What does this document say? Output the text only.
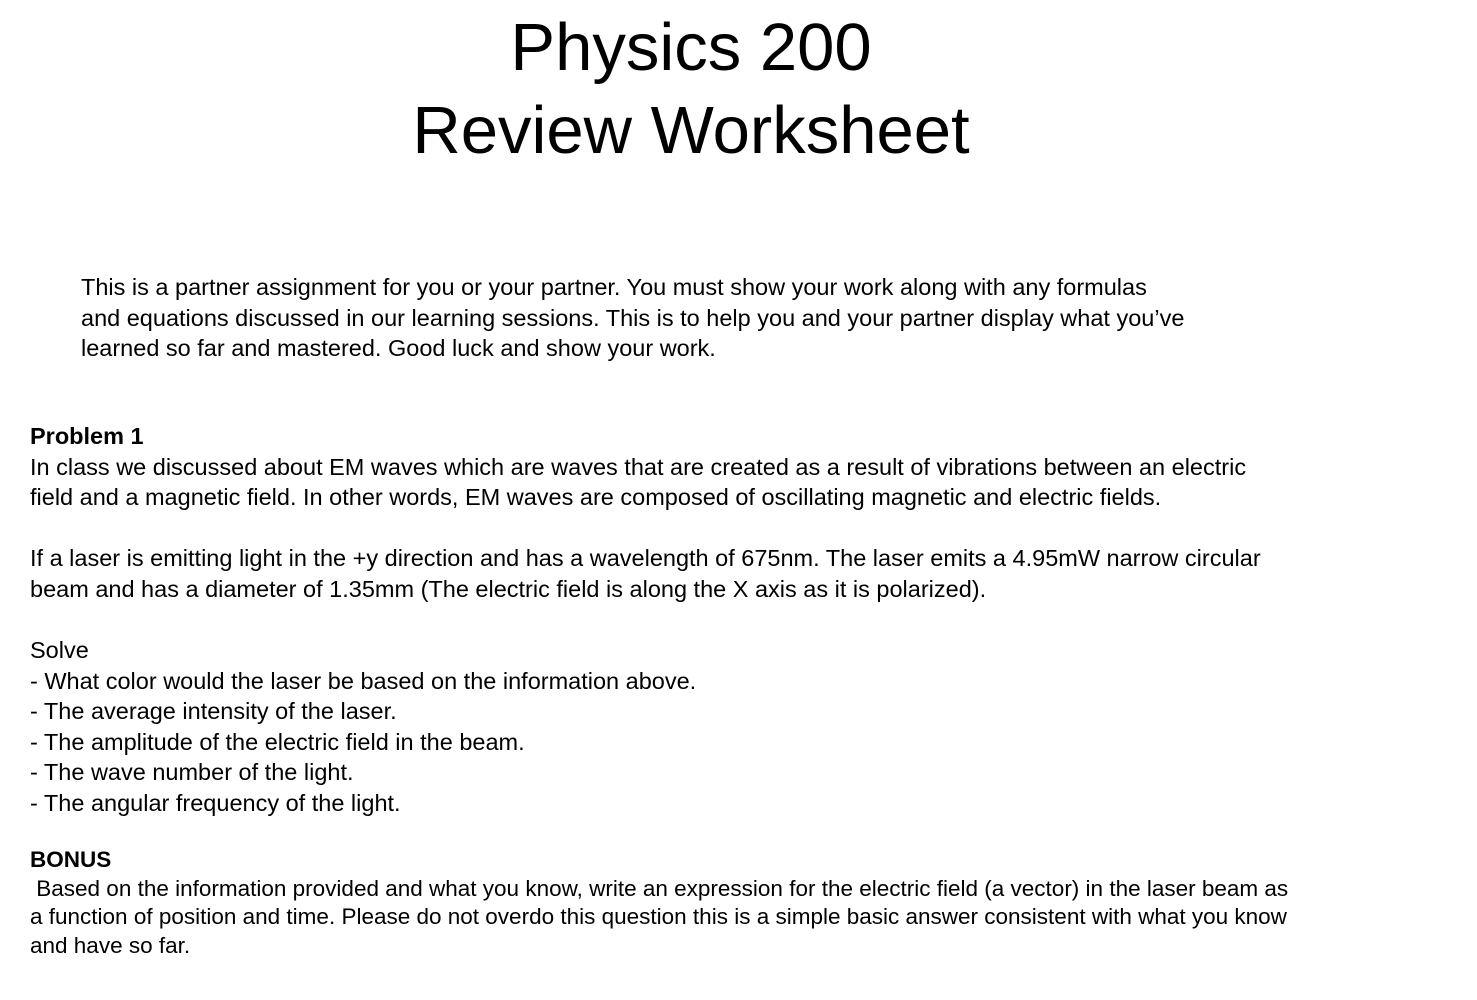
Physics 200
Review Worksheet
This is a partner assignment for you or your partner. You must show your work along with any formulas
and equations discussed in our learning sessions. This is to help you and your partner display what you’ve
learned so far and mastered. Good luck and show your work.
Problem 1
In class we discussed about EM waves which are waves that are created as a result of vibrations between an electric
field and a magnetic field. In other words, EM waves are composed of oscillating magnetic and electric fields.
If a laser is emitting light in the +y direction and has a wavelength of 675nm. The laser emits a 4.95mW narrow circular
beam and has a diameter of 1.35mm (The electric field is along the X axis as it is polarized).
Solve
- What color would the laser be based on the information above.
- The average intensity of the laser.
- The amplitude of the electric field in the beam.
- The wave number of the light.
- The angular frequency of the light.
BONUS
Based on the information provided and what you know, write an expression for the electric field (a vector) in the laser beam as
a function of position and time. Please do not overdo this question this is a simple basic answer consistent with what you know
and have so far.
